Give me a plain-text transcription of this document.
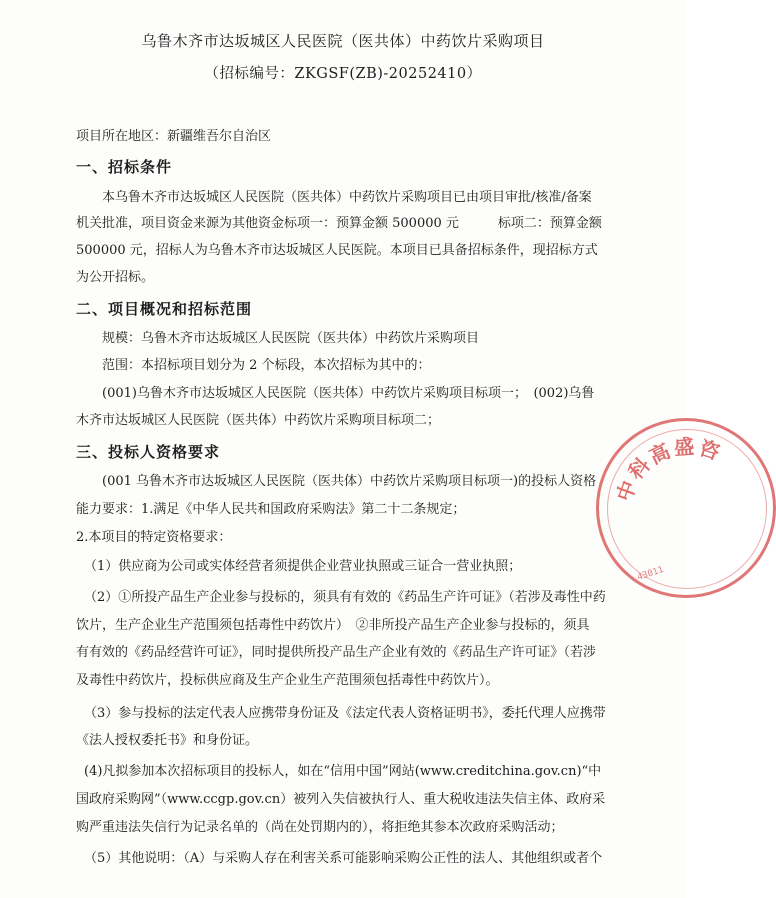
乌鲁木齐市达坂城区人民医院（医共体）中药饮片采购项目
（招标编号：ZKGSF(ZB)-20252410）
项目所在地区：新疆维吾尔自治区
一、招标条件
本乌鲁木齐市达坂城区人民医院（医共体）中药饮片采购项目已由项目审批/核准/备案
机关批准，项目资金来源为其他资金标项一：预算金额 500000 元　　　标项二：预算金额
500000 元，招标人为乌鲁木齐市达坂城区人民医院。本项目已具备招标条件，现招标方式
为公开招标。
二、项目概况和招标范围
规模：乌鲁木齐市达坂城区人民医院（医共体）中药饮片采购项目
范围：本招标项目划分为 2 个标段，本次招标为其中的：
(001)乌鲁木齐市达坂城区人民医院（医共体）中药饮片采购项目标项一；　(002)乌鲁
木齐市达坂城区人民医院（医共体）中药饮片采购项目标项二；
三、投标人资格要求
(001 乌鲁木齐市达坂城区人民医院（医共体）中药饮片采购项目标项一)的投标人资格
能力要求：1.满足《中华人民共和国政府采购法》第二十二条规定；
2.本项目的特定资格要求：
（1）供应商为公司或实体经营者须提供企业营业执照或三证合一营业执照；
（2）①所投产品生产企业参与投标的，须具有有效的《药品生产许可证》（若涉及毒性中药
饮片，生产企业生产范围须包括毒性中药饮片）　②非所投产品生产企业参与投标的，须具
有有效的《药品经营许可证》，同时提供所投产品生产企业有效的《药品生产许可证》（若涉
及毒性中药饮片，投标供应商及生产企业生产范围须包括毒性中药饮片）。
（3）参与投标的法定代表人应携带身份证及《法定代表人资格证明书》，委托代理人应携带
《法人授权委托书》和身份证。
(4)凡拟参加本次招标项目的投标人，如在“信用中国”网站(www.creditchina.gov.cn)“中
国政府采购网”（www.ccgp.gov.cn）被列入失信被执行人、重大税收违法失信主体、政府采
购严重违法失信行为记录名单的（尚在处罚期内的），将拒绝其参本次政府采购活动；
（5）其他说明：（A）与采购人存在利害关系可能影响采购公正性的法人、其他组织或者个
中
科
高 盛 咨
43011
